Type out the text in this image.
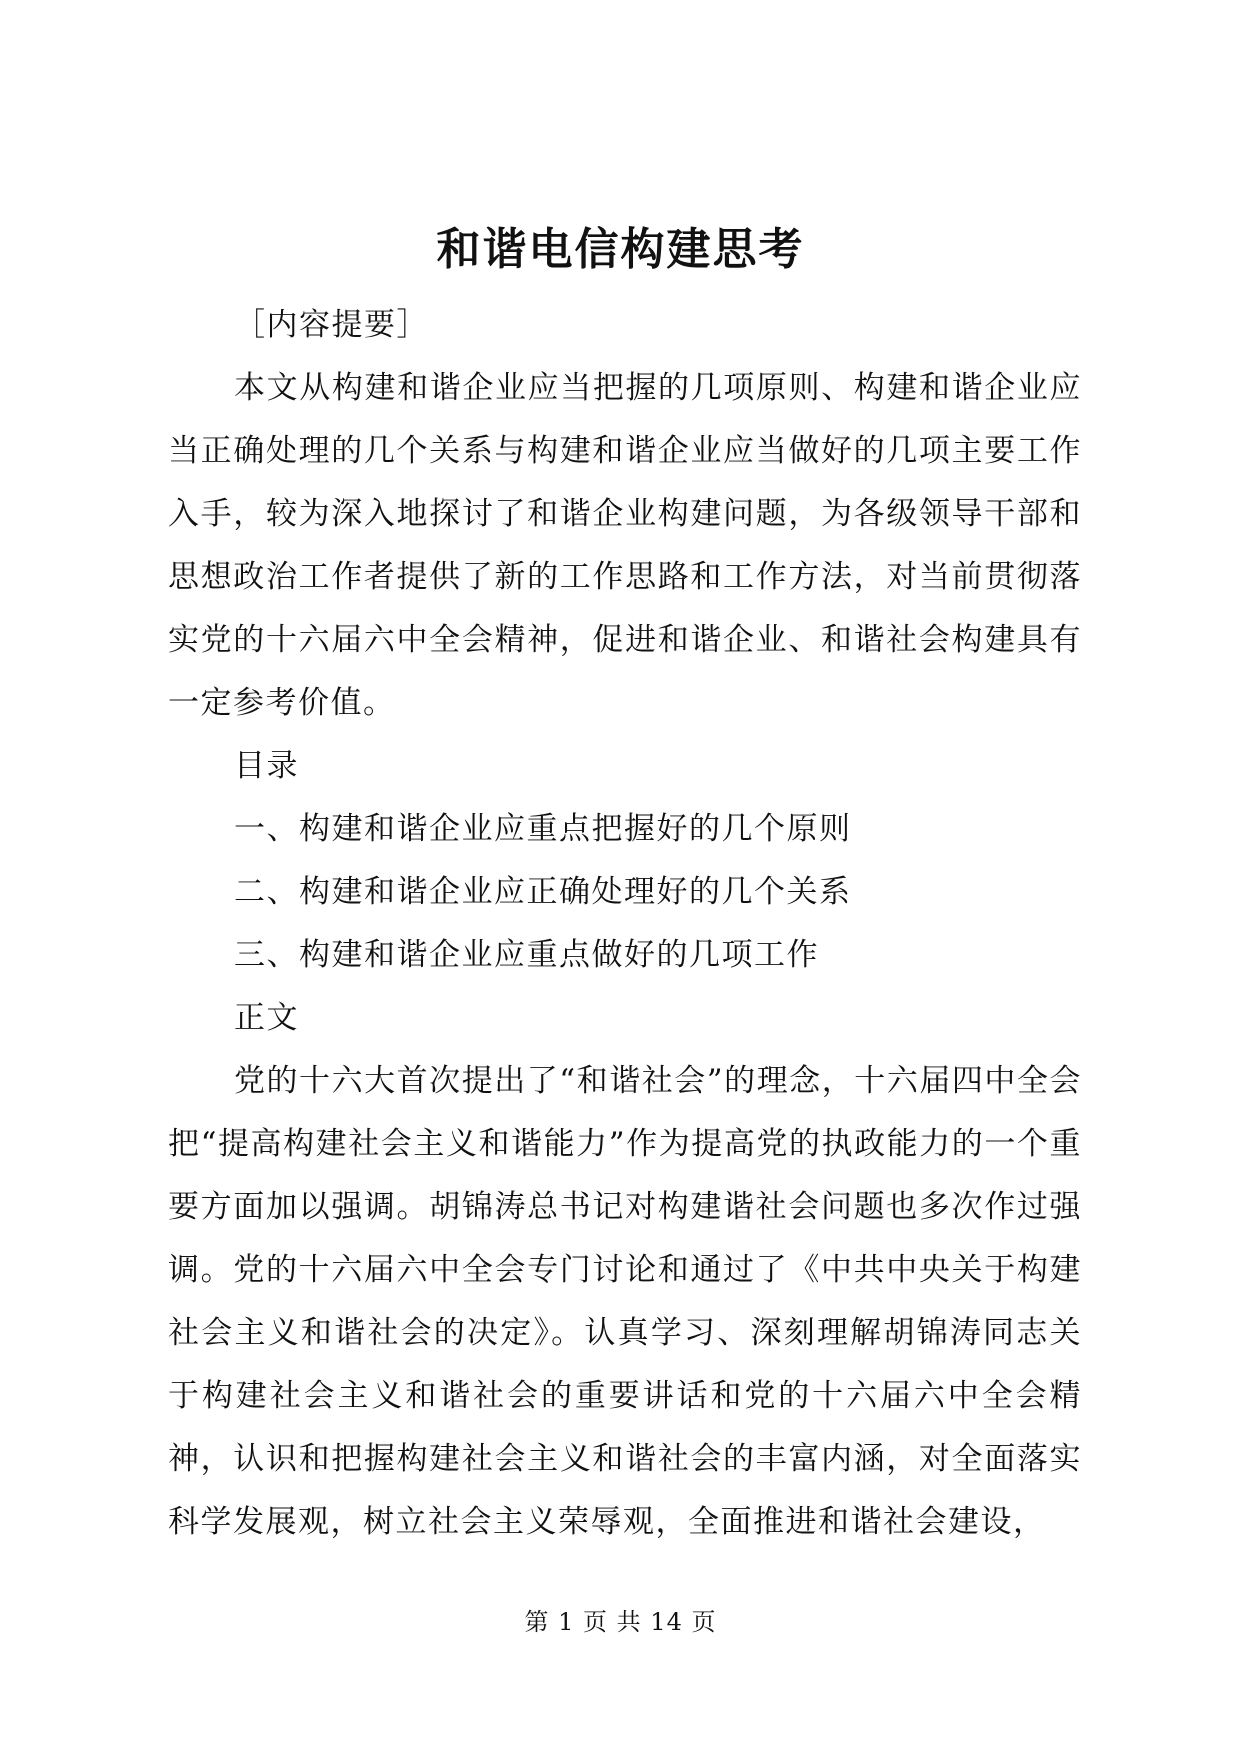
和谐电信构建思考

［内容提要］

本文从构建和谐企业应当把握的几项原则、构建和谐企业应当正确处理的几个关系与构建和谐企业应当做好的几项主要工作入手，较为深入地探讨了和谐企业构建问题，为各级领导干部和思想政治工作者提供了新的工作思路和工作方法，对当前贯彻落实党的十六届六中全会精神，促进和谐企业、和谐社会构建具有一定参考价值。

目录

一、构建和谐企业应重点把握好的几个原则

二、构建和谐企业应正确处理好的几个关系

三、构建和谐企业应重点做好的几项工作

正文

党的十六大首次提出了“和谐社会”的理念，十六届四中全会把“提高构建社会主义和谐能力”作为提高党的执政能力的一个重要方面加以强调。胡锦涛总书记对构建谐社会问题也多次作过强调。党的十六届六中全会专门讨论和通过了《中共中央关于构建社会主义和谐社会的决定》。认真学习、深刻理解胡锦涛同志关于构建社会主义和谐社会的重要讲话和党的十六届六中全会精神，认识和把握构建社会主义和谐社会的丰富内涵，对全面落实科学发展观，树立社会主义荣辱观，全面推进和谐社会建设，

第 1 页 共 14 页
